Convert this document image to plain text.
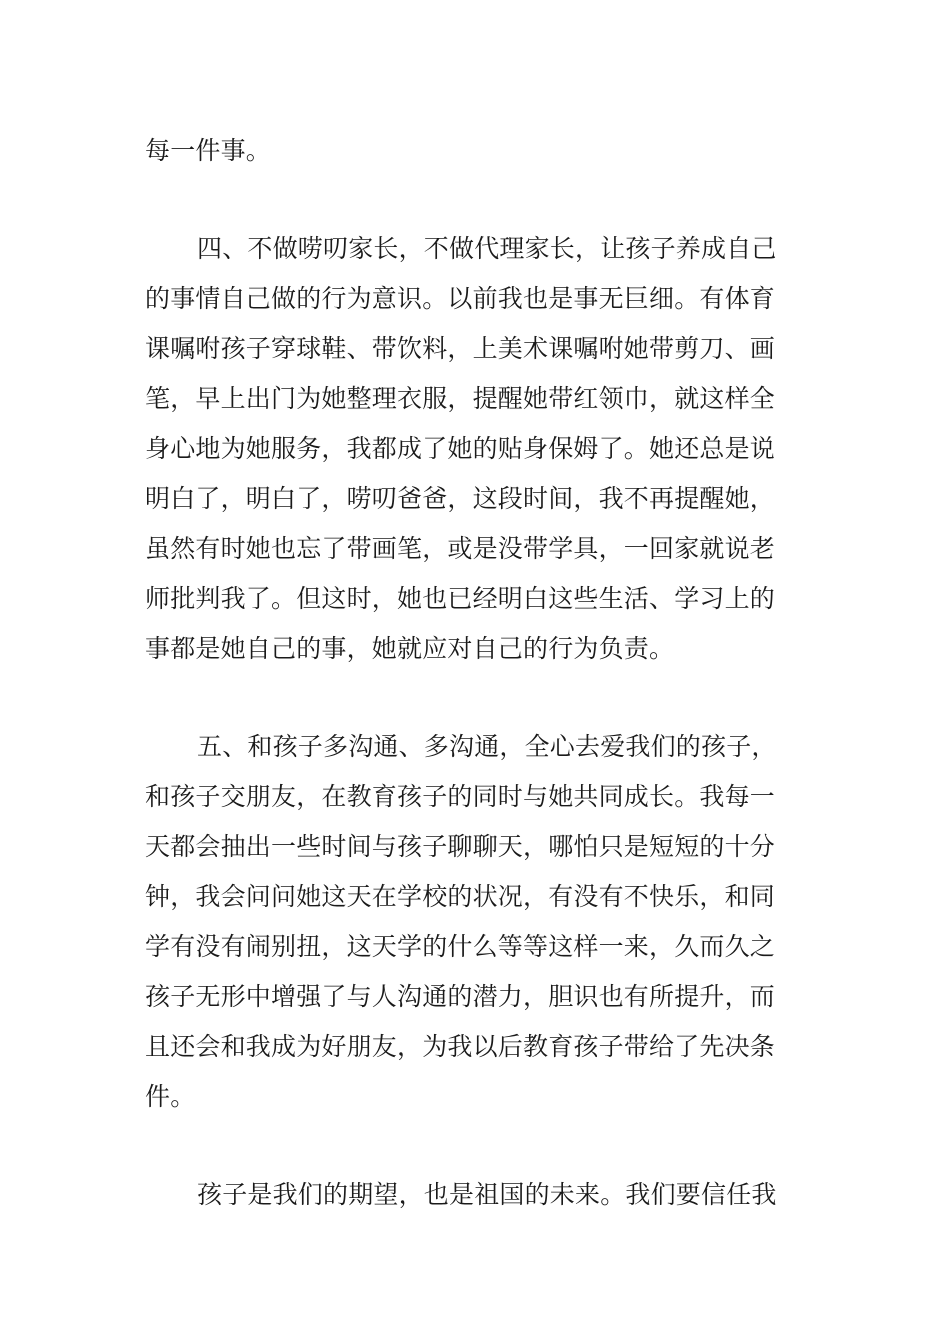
每一件事。
四、不做唠叨家长，不做代理家长，让孩子养成自己
的事情自己做的行为意识。以前我也是事无巨细。有体育
课嘱咐孩子穿球鞋、带饮料，上美术课嘱咐她带剪刀、画
笔，早上出门为她整理衣服，提醒她带红领巾，就这样全
身心地为她服务，我都成了她的贴身保姆了。她还总是说
明白了，明白了，唠叨爸爸，这段时间，我不再提醒她，
虽然有时她也忘了带画笔，或是没带学具，一回家就说老
师批判我了。但这时，她也已经明白这些生活、学习上的
事都是她自己的事，她就应对自己的行为负责。
五、和孩子多沟通、多沟通，全心去爱我们的孩子，
和孩子交朋友，在教育孩子的同时与她共同成长。我每一
天都会抽出一些时间与孩子聊聊天，哪怕只是短短的十分
钟，我会问问她这天在学校的状况，有没有不快乐，和同
学有没有闹别扭，这天学的什么等等这样一来，久而久之
孩子无形中增强了与人沟通的潜力，胆识也有所提升，而
且还会和我成为好朋友，为我以后教育孩子带给了先决条
件。
孩子是我们的期望，也是祖国的未来。我们要信任我
